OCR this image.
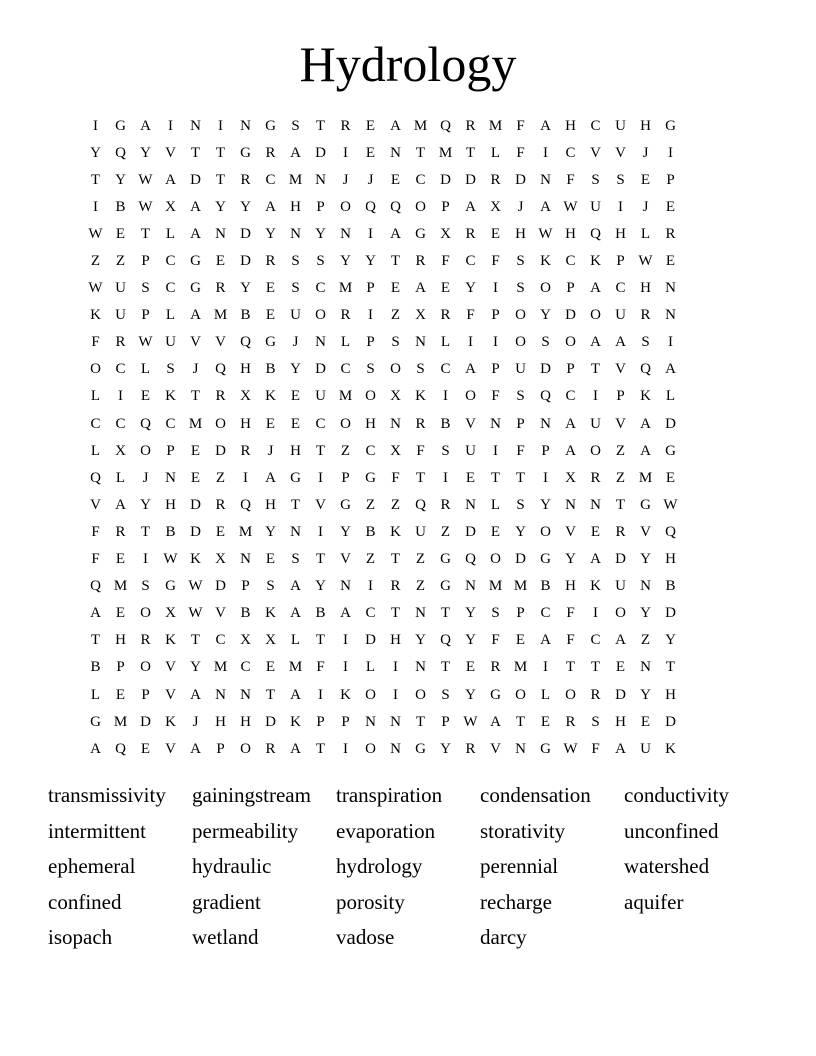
Hydrology
I	G A	I	N	I	N G	S	T	R	E	A M Q R M F	A H C U H G
Y Q Y V T	T	G R A D	I	E	N T M T	L	F	I	C V V	J	I
T	Y W A D T	R C M N	J	J	E	C D D R D N	F	S	S	E	P
I	B W X A Y Y A H	P	O Q Q O	P	A X	J	A W U	I	J	E
W E	T	L	A N D Y N Y N	I	A G X R	E	H W H Q H L	R
Z	Z	P	C G E	D R	S	S	Y Y T	R	F	C	F	S	K C K	P W E
W U	S	C G R Y E	S	C M P	E	A E	Y	I	S	O	P	A C H N
K U	P	L	A M B	E	U O R	I	Z	X R	F	P	O Y D O U R N
F	R W U V V Q G	J	N L	P	S	N L	I	I	O	S	O A A	S	I
O C	L	S	J	Q H B Y D C	S	O	S	C A	P	U D	P	T	V Q A
L	I	E	K T	R X K E	U M O X K	I	O	F	S	Q C	I	P	K L
C C Q C M O H E	E	C O H N R B V N	P	N A U V A D
L	X O	P	E	D R	J	H T	Z	C X	F	S	U	I	F	P	A O Z	A G
Q L	J	N E	Z	I	A G	I	P	G	F	T	I	E	T	T	I	X R	Z M E
V A Y H D R Q H T	V G Z	Z	Q R N L	S	Y N N T	G W
F	R	T	B D E M Y N	I	Y B K U Z	D E	Y O V E	R V Q
F	E	I	W K X N E	S	T	V Z	T	Z	G Q O D G Y A D Y H
Q M S	G W D	P	S	A Y N	I	R	Z	G N M M B H K U N B
A E	O X W V B K A B A C	T	N T	Y	S	P	C	F	I	O Y D
T	H R K T	C X X L	T	I	D H Y Q Y	F	E	A	F	C A Z	Y
B	P	O V Y M C	E M F	I	L	I	N T	E	R M	I	T	T	E	N T
L	E	P	V A N N T	A	I	K O	I	O	S	Y G O L	O R D Y H
G M D K	J	H H D K	P	P	N N T	P W A T	E	R	S	H E	D
A Q E	V A	P	O R A T	I	O N G Y R V N G W F	A U K
transmissivity	gainingstream	transpiration	condensation	conductivity
intermittent	permeability	evaporation	storativity	unconfined
ephemeral	hydraulic	hydrology	perennial	watershed
confined	gradient	porosity	recharge	aquifer
isopach	wetland	vadose	darcy
